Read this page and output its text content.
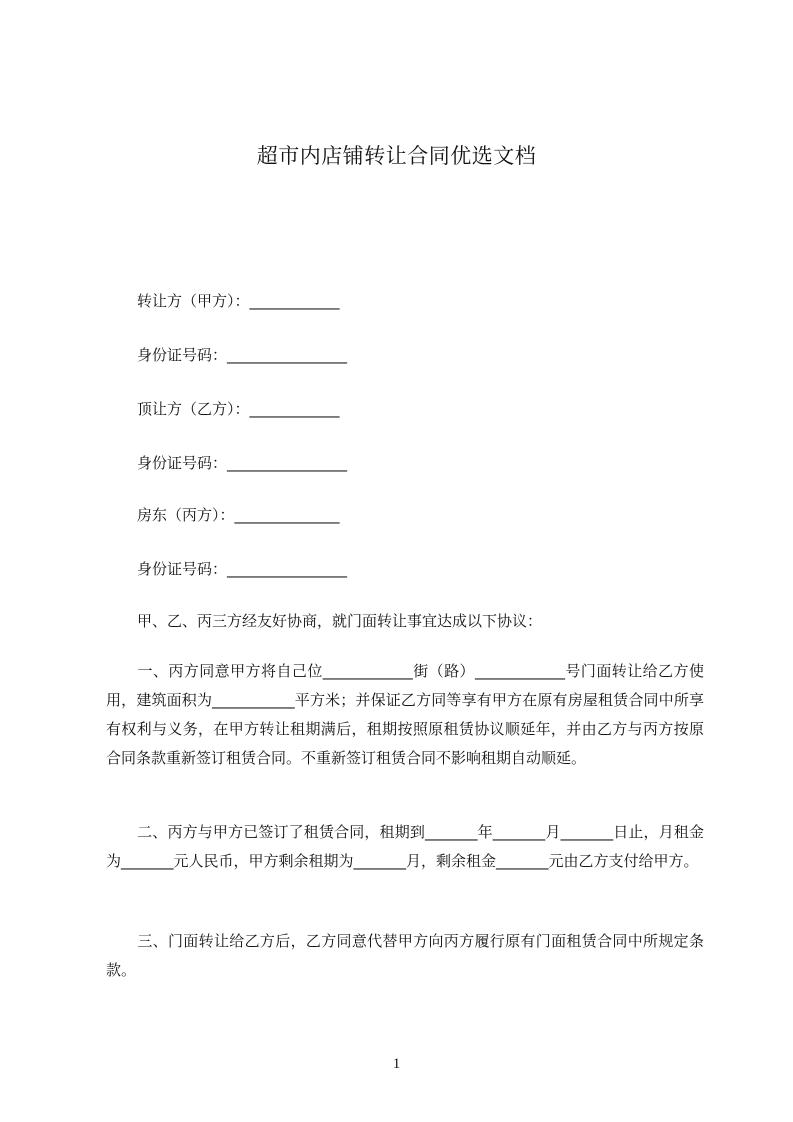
超市内店铺转让合同优选文档
转让方（甲方）：____________
身份证号码：________________
顶让方（乙方）：____________
身份证号码：________________
房东（丙方）：______________
身份证号码：________________
甲、乙、丙三方经友好协商，就门面转让事宜达成以下协议：
一、丙方同意甲方将自己位____________街（路）____________号门面转让给乙方使用，建筑面积为___________平方米；并保证乙方同等享有甲方在原有房屋租赁合同中所享有权利与义务，在甲方转让租期满后，租期按照原租赁协议顺延年，并由乙方与丙方按原合同条款重新签订租赁合同。不重新签订租赁合同不影响租期自动顺延。
二、丙方与甲方已签订了租赁合同，租期到_______年_______月_______日止，月租金为_______元人民币，甲方剩余租期为_______月，剩余租金_______元由乙方支付给甲方。
三、门面转让给乙方后，乙方同意代替甲方向丙方履行原有门面租赁合同中所规定条款。
1
